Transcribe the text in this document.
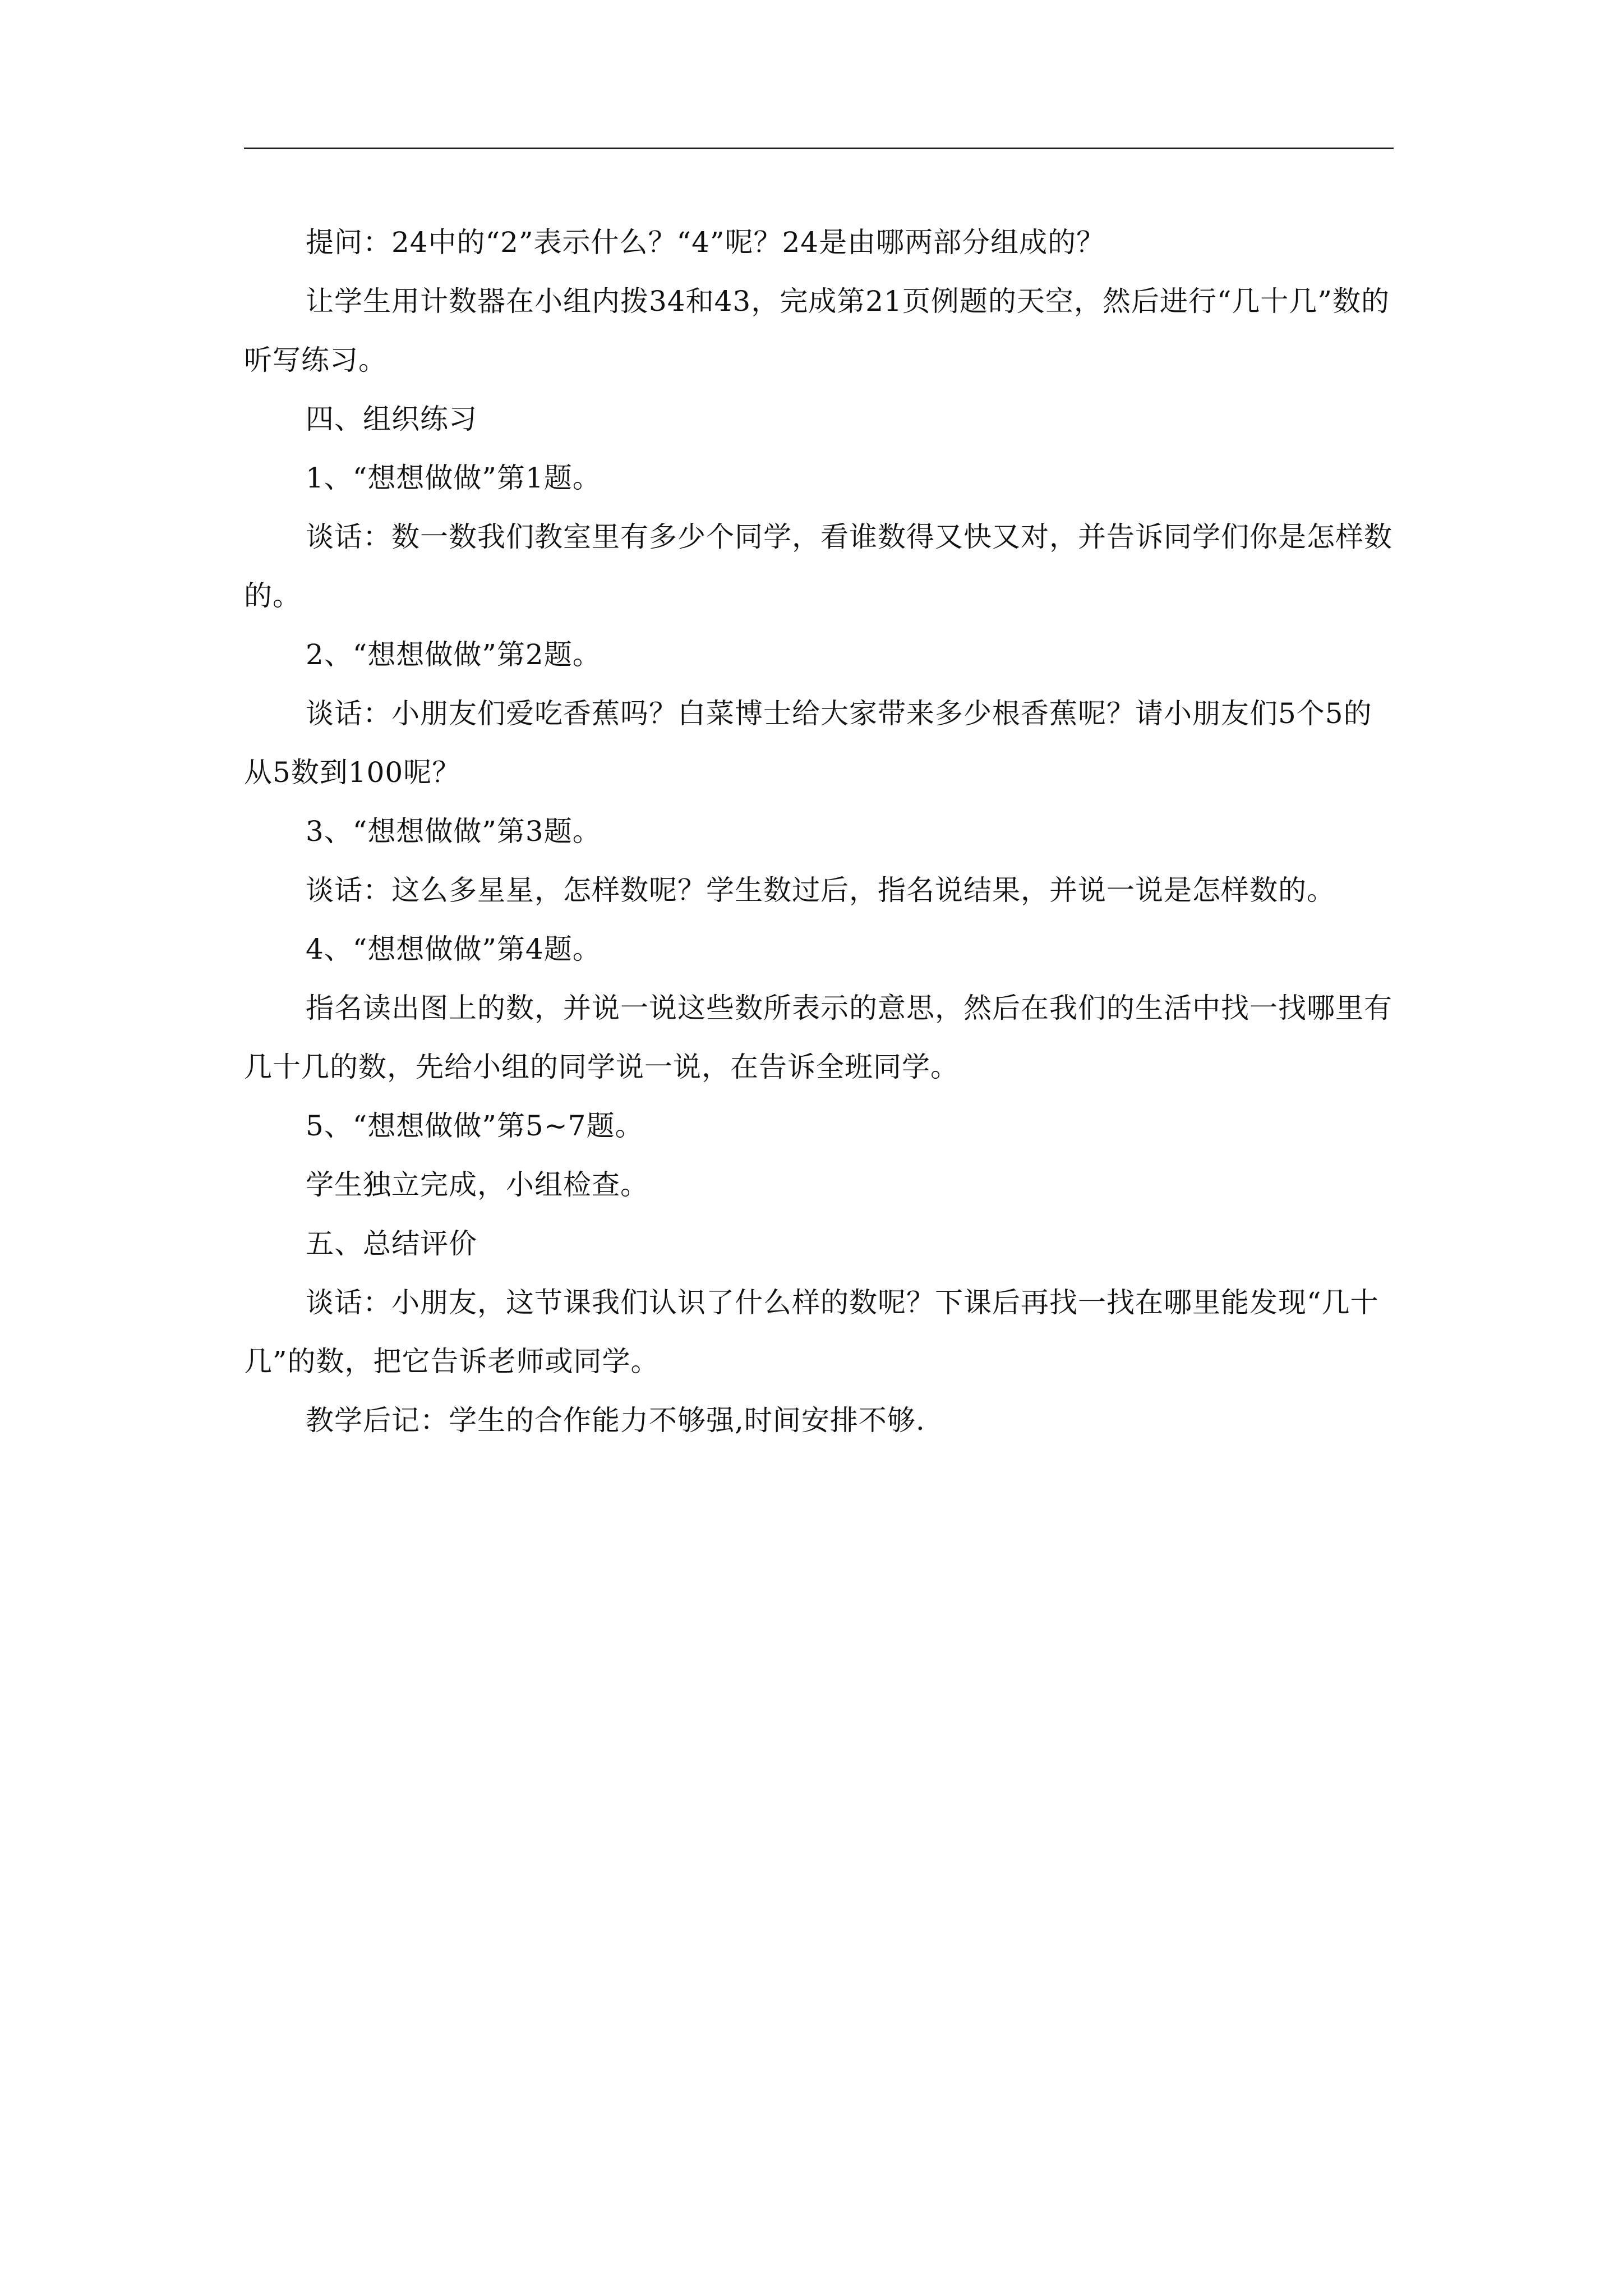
提问：24中的“2”表示什么？“4”呢？24是由哪两部分组成的？

让学生用计数器在小组内拨34和43，完成第21页例题的天空，然后进行“几十几”数的听写练习。

四、组织练习

1、“想想做做”第1题。

谈话：数一数我们教室里有多少个同学，看谁数得又快又对，并告诉同学们你是怎样数的。

2、“想想做做”第2题。

谈话：小朋友们爱吃香蕉吗？白菜博士给大家带来多少根香蕉呢？请小朋友们5个5的从5数到100呢？

3、“想想做做”第3题。

谈话：这么多星星，怎样数呢？学生数过后，指名说结果，并说一说是怎样数的。

4、“想想做做”第4题。

指名读出图上的数，并说一说这些数所表示的意思，然后在我们的生活中找一找哪里有几十几的数，先给小组的同学说一说，在告诉全班同学。

5、“想想做做”第5~7题。

学生独立完成，小组检查。

五、总结评价

谈话：小朋友，这节课我们认识了什么样的数呢？下课后再找一找在哪里能发现“几十几”的数，把它告诉老师或同学。

教学后记：学生的合作能力不够强,时间安排不够.
